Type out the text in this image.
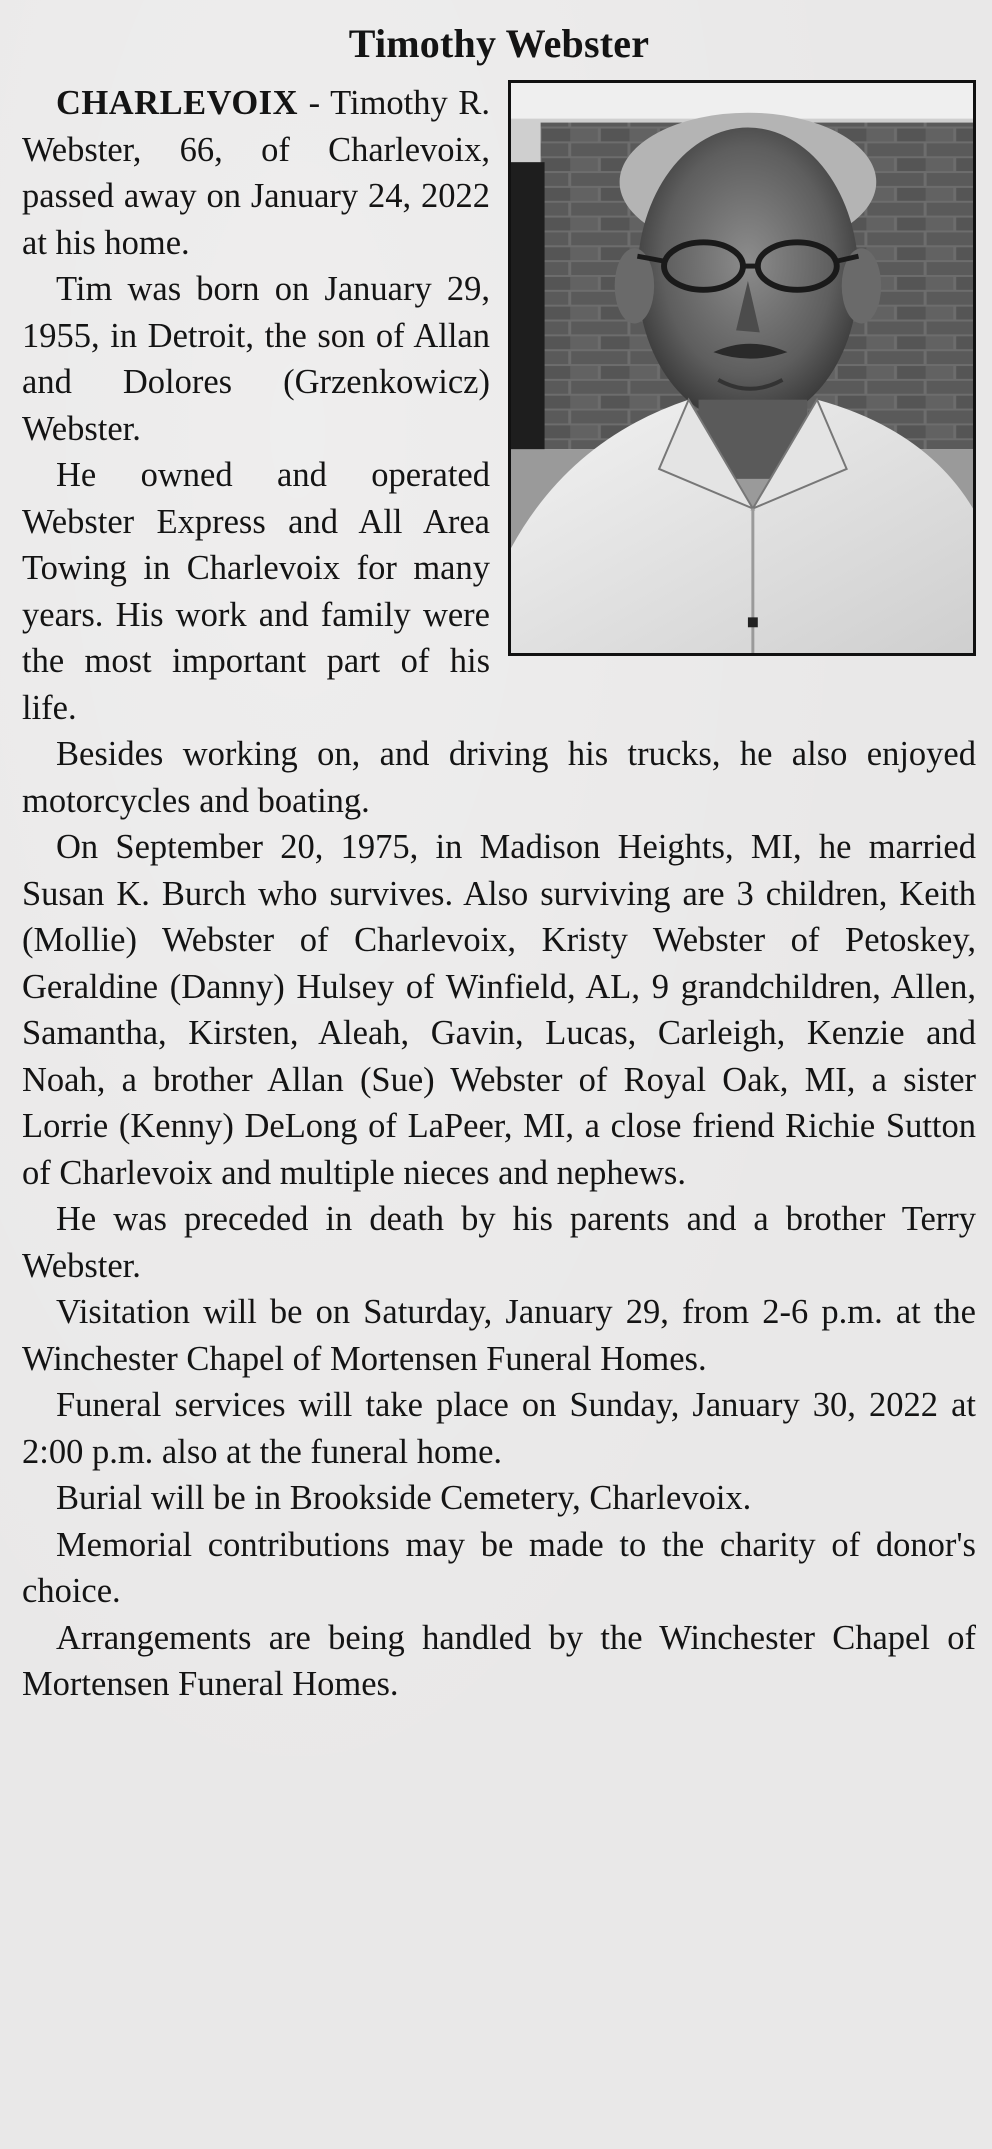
Timothy Webster

CHARLEVOIX - Timothy R. Webster, 66, of Charlevoix, passed away on January 24, 2022 at his home.

Tim was born on January 29, 1955, in Detroit, the son of Allan and Dolores (Grzenkowicz) Webster.

He owned and operated Webster Express and All Area Towing in Charlevoix for many years. His work and family were the most important part of his life.

Besides working on, and driving his trucks, he also enjoyed motorcycles and boating.

On September 20, 1975, in Madison Heights, MI, he married Susan K. Burch who survives. Also surviving are 3 children, Keith (Mollie) Webster of Charlevoix, Kristy Webster of Petoskey, Geraldine (Danny) Hulsey of Winfield, AL, 9 grandchildren, Allen, Samantha, Kirsten, Aleah, Gavin, Lucas, Carleigh, Kenzie and Noah, a brother Allan (Sue) Webster of Royal Oak, MI, a sister Lorrie (Kenny) DeLong of LaPeer, MI, a close friend Richie Sutton of Charlevoix and multiple nieces and nephews.

He was preceded in death by his parents and a brother Terry Webster.

Visitation will be on Saturday, January 29, from 2-6 p.m. at the Winchester Chapel of Mortensen Funeral Homes.

Funeral services will take place on Sunday, January 30, 2022 at 2:00 p.m. also at the funeral home.

Burial will be in Brookside Cemetery, Charlevoix.

Memorial contributions may be made to the charity of donor's choice.

Arrangements are being handled by the Winchester Chapel of Mortensen Funeral Homes.
